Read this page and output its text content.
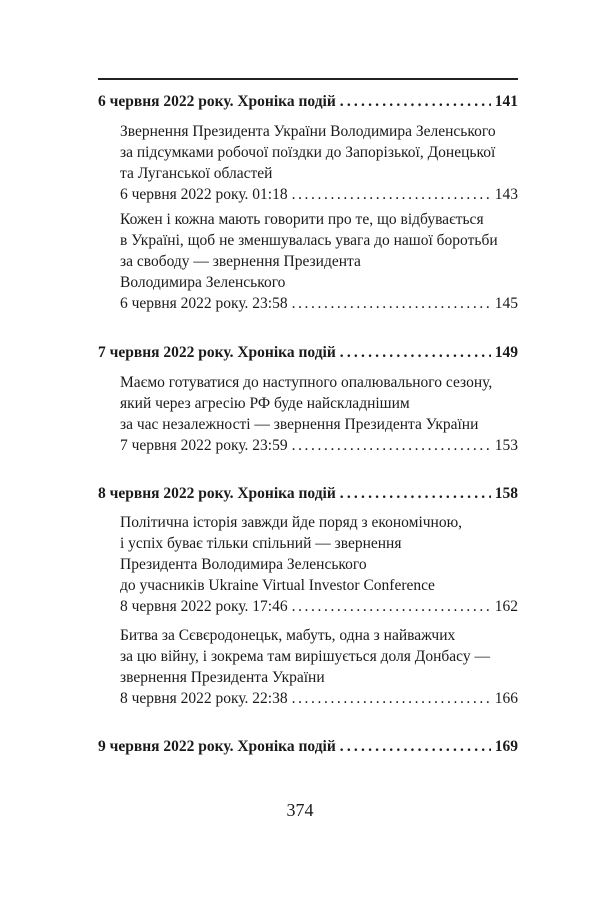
6 червня 2022 року. Хроніка подій .....	141
Звернення Президента України Володимира Зеленського
за підсумками робочої поїздки до Запорізької, Донецької
та Луганської областей
6 червня 2022 року. 01:18 .....	143
Кожен і кожна мають говорити про те, що відбувається
в Україні, щоб не зменшувалась увага до нашої боротьби
за свободу — звернення Президента
Володимира Зеленського
6 червня 2022 року. 23:58 .....	145
7 червня 2022 року. Хроніка подій .....	149
Маємо готуватися до наступного опалювального сезону,
який через агресію РФ буде найскладнішим
за час незалежності — звернення Президента України
7 червня 2022 року. 23:59 .....	153
8 червня 2022 року. Хроніка подій .....	158
Політична історія завжди йде поряд з економічною,
і успіх буває тільки спільний — звернення
Президента Володимира Зеленського
до учасників Ukraine Virtual Investor Conference
8 червня 2022 року. 17:46 .....	162
Битва за Сєвєродонецьк, мабуть, одна з найважчих
за цю війну, і зокрема там вирішується доля Донбасу —
звернення Президента України
8 червня 2022 року. 22:38 .....	166
9 червня 2022 року. Хроніка подій .....	169
374
